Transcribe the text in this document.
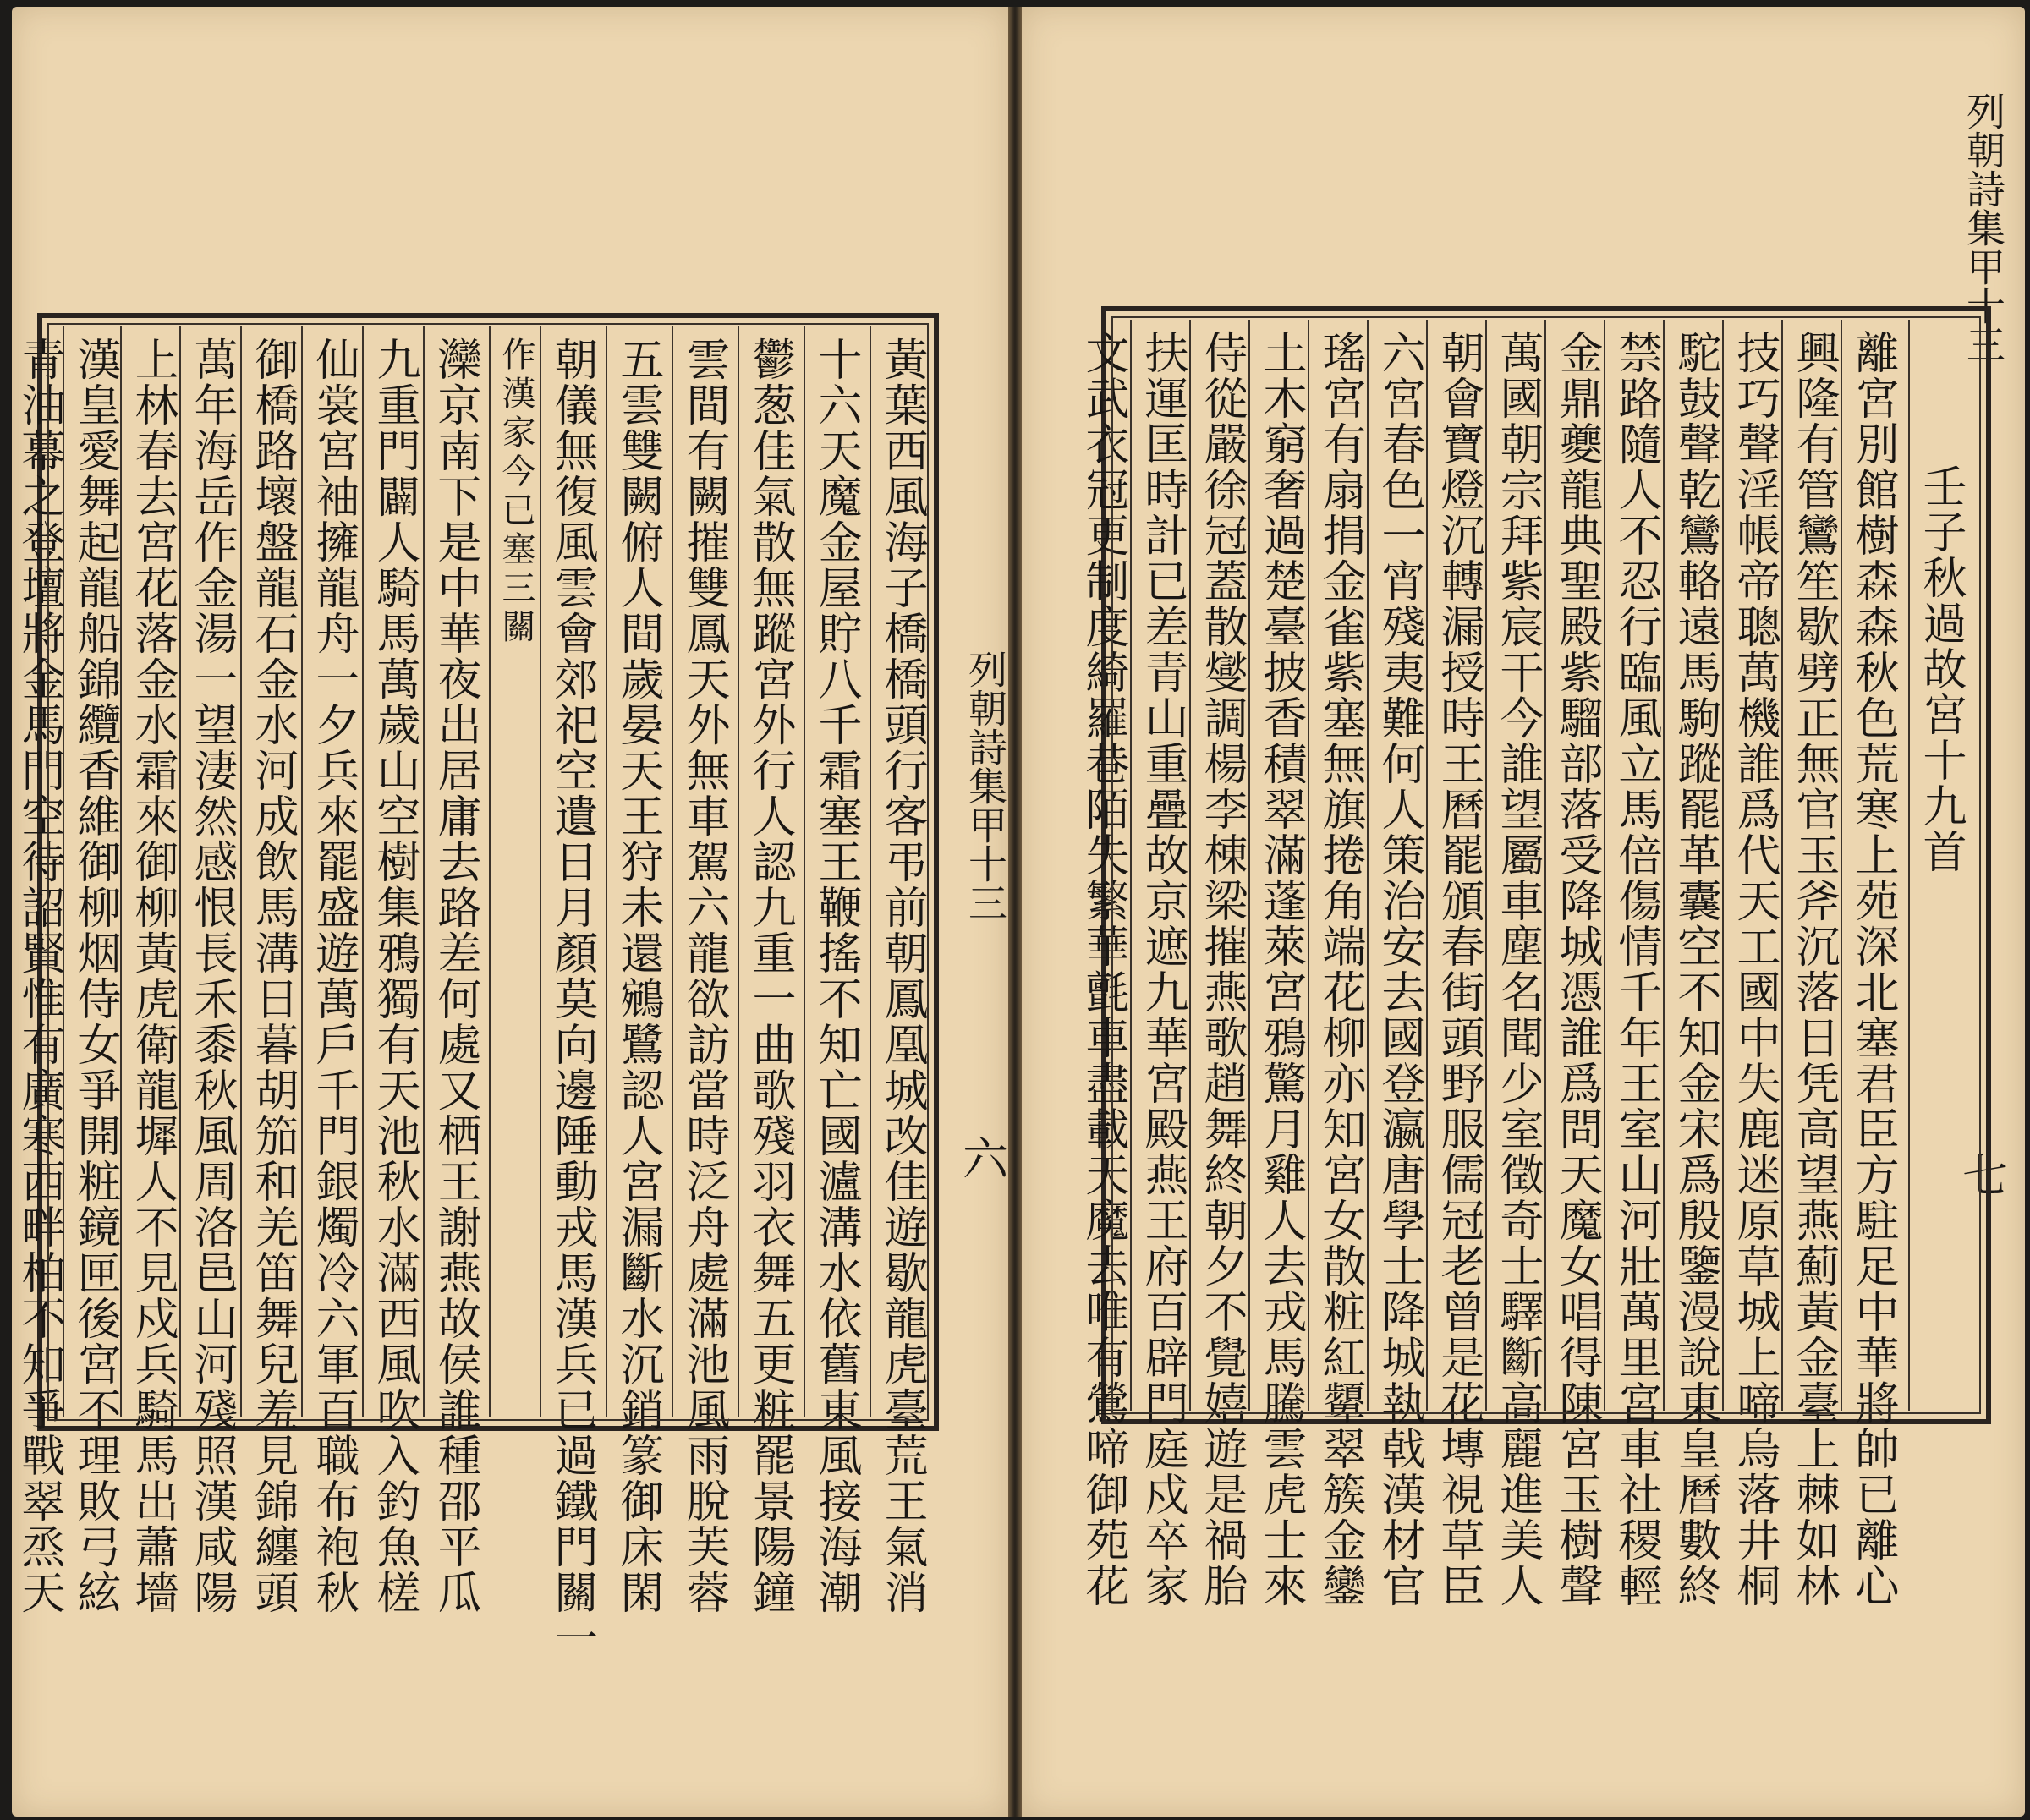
列朝詩集甲十三
六
黃葉西風海子橋橋頭行客弔前朝鳳凰城改佳遊歇龍虎臺荒王氣消
十六天魔金屋貯八千霜塞王鞭搖不知亡國瀘溝水依舊東風接海潮
鬱葱佳氣散無蹤宮外行人認九重一曲歌殘羽衣舞五更粧罷景陽鐘
雲間有闕摧雙鳳天外無車駕六龍欲訪當時泛舟處滿池風雨脫芙蓉
五雲雙闕俯人間歲晏天王狩未還鵷鷺認人宮漏斷水沉銷篆御床閑
朝儀無復風雲會郊祀空遺日月顏莫向邊陲動戎馬漢兵已過鐵門關一
作漢家今已塞三關
灤京南下是中華夜出居庸去路差何處又栖王謝燕故侯誰種邵平瓜
九重門闢人騎馬萬歲山空樹集鴉獨有天池秋水滿西風吹入釣魚槎
仙裳宮袖擁龍舟一夕兵來罷盛遊萬戶千門銀燭冷六軍百職布袍秋
御橋路壞盤龍石金水河成飲馬溝日暮胡笳和羌笛舞兒羞見錦纏頭
萬年海岳作金湯一望淒然感恨長禾黍秋風周洛邑山河殘照漢咸陽
上林春去宮花落金水霜來御柳黃虎衛龍墀人不見戍兵騎馬出蕭墻
漢皇愛舞起龍船錦纜香維御柳烟侍女爭開粧鏡匣後宮不理敗弓絃
青油幕之登壇將金馬門空待詔賢惟有廣寒西畔柏不知爭戰翠烝天
列朝詩集甲十三
七
壬子秋過故宮十九首
離宮別館樹森森秋色荒寒上苑深北塞君臣方駐足中華將帥已離心
興隆有管鸞笙歇劈正無官玉斧沉落日凭高望燕薊黃金臺上棘如林
技巧聲淫帳帝聰萬機誰爲代天工國中失鹿迷原草城上啼烏落井桐
駝鼓聲乾鸞輅遠馬駒蹤罷革囊空不知金宋爲殷鑒漫說東皇曆數終
禁路隨人不忍行臨風立馬倍傷情千年王室山河壯萬里宮車社稷輕
金鼎夔龍典聖殿紫騮部落受降城憑誰爲問天魔女唱得陳宮玉樹聲
萬國朝宗拜紫宸干今誰望屬車塵名聞少室徵奇士驛斷高麗進美人
朝會寶燈沉轉漏授時王曆罷頒春街頭野服儒冠老曾是花塼視草臣
六宮春色一宵殘夷難何人策治安去國登瀛唐學士降城執戟漢材官
瑤宮有扇捐金雀紫塞無旗捲角端花柳亦知宮女散粧紅顰翠簇金鑾
土木窮奢過楚臺披香積翠滿蓬萊宮鴉驚月雞人去戎馬騰雲虎士來
侍從嚴徐冠蓋散燮調楊李棟梁摧燕歌趙舞終朝夕不覺嬉遊是禍胎
扶運匡時計已差青山重疊故京遮九華宮殿燕王府百辟門庭戍卒家
文武衣冠更制度綺羅巷陌失繁華氈車盡載天魔去唯有鶯啼御苑花
